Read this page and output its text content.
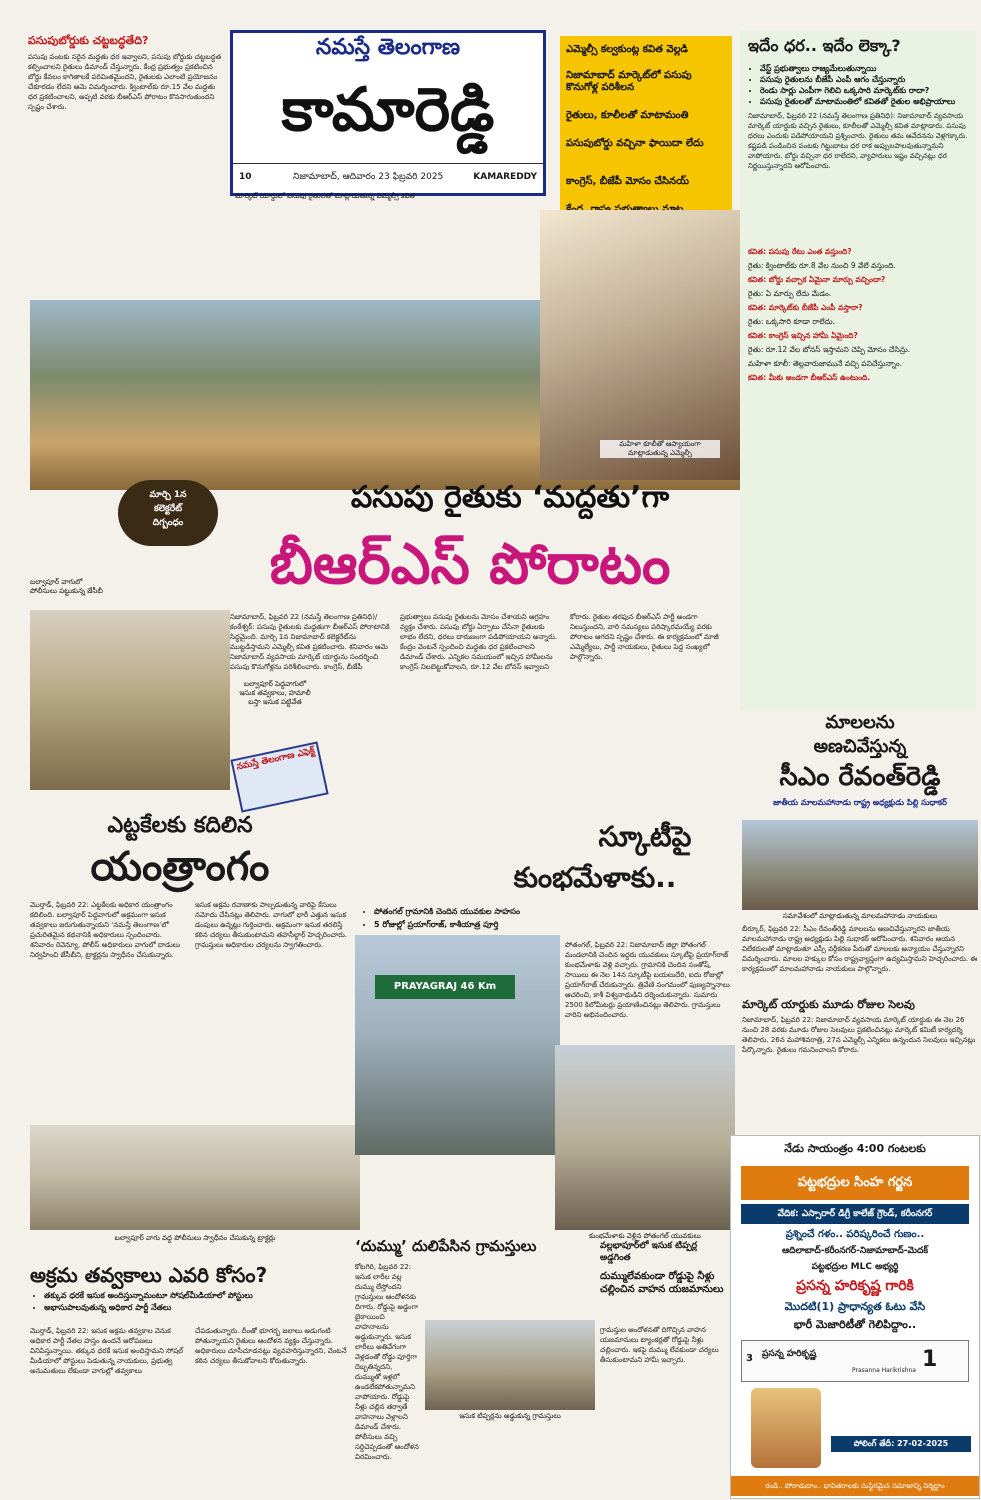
పసుపుబోర్డుకు చట్టబద్ధతేది?
పసుపు పంటకు సరైన మద్దతు ధర ఇవ్వాలని, పసుపు బోర్డుకు చట్టబద్ధత కల్పించాలని రైతులు డిమాండ్ చేస్తున్నారు. కేంద్ర ప్రభుత్వం ప్రకటించిన బోర్డు కేవలం కాగితాలకే పరిమితమైందని, రైతులకు ఎలాంటి ప్రయోజనం చేకూరడం లేదని ఆమె విమర్శించారు. క్వింటాల్‌కు రూ.15 వేల మద్దతు ధర ప్రకటించాలని, అప్పటి వరకు బీఆర్‌ఎస్ పోరాటం కొనసాగుతుందని స్పష్టం చేశారు.
నమస్తే తెలంగాణ
కామారెడ్డి
10	నిజామాబాద్, ఆదివారం 23 ఫిబ్రవరి 2025	KAMAREDDY
ఎమ్మెల్సీ కల్వకుంట్ల కవిత వెల్లడి
నిజామాబాద్ మార్కెట్‌లో పసుపు కొనుగోళ్ల పరిశీలన
రైతులు, కూలీలతో మాటామంతి
పసుపుబోర్డు వచ్చినా ఫాయిదా లేదు
కాంగ్రెస్, బీజేపీ మోసం చేసినయ్
ఇదేం ధర.. ఇదేం లెక్కా?
• వేస్ట్ ప్రభుత్వాలు రాజ్యమేలుతున్నాయి
• పసుపు రైతులను బీజేపీ ఎంపీ ఆగం చేస్తున్నారు
• రెండు సార్లు ఎంపీగా గెలిచి ఒక్కసారి మార్కెట్‌కు రాదా?
• పసుపు రైతులతో మాటామంతిలో కవితతో రైతుల అభిప్రాయాలు
నిజామాబాద్, ఫిబ్రవరి 22 (నమస్తే తెలంగాణ ప్రతినిధి): నిజామాబాద్ వ్యవసాయ మార్కెట్ యార్డుకు వచ్చిన రైతులు, కూలీలతో ఎమ్మెల్సీ కవిత మాట్లాడారు. పసుపు ధరలు ఎందుకు పడిపోయాయని ప్రశ్నించారు. రైతులు తమ ఆవేదనను వెళ్లగక్కారు. కష్టపడి పండించిన పంటకు గిట్టుబాటు ధర రాక అప్పులపాలవుతున్నామని వాపోయారు. బోర్డు వచ్చినా ధర రాలేదని, వ్యాపారులు ఇష్టం వచ్చినట్లు ధర నిర్ణయిస్తున్నారని ఆరోపించారు.
కవిత: పసుపు రేటు ఎంత వస్తుంది?
రైతు: క్వింటాల్‌కు రూ.8 వేల నుంచి 9 వేలే వస్తుంది.
కవిత: బోర్డు వచ్చాక ఏమైనా మార్పు వచ్చిందా?
రైతు: ఏ మార్పు లేదు మేడం.
కవిత: మార్కెట్‌కు బీజేపీ ఎంపీ వస్తారా?
రైతు: ఒక్కసారి కూడా రాలేదు.
కవిత: కాంగ్రెస్ ఇచ్చిన హామీ ఏమైంది?
రైతు: రూ.12 వేల బోనస్ ఇస్తామని చెప్పి మోసం చేసిన్రు.
మహిళా కూలీ: తెల్లవారుజామునే వచ్చి పనిచేస్తున్నాం.
కవిత: మీకు అండగా బీఆర్‌ఎస్ ఉంటుంది.
మార్కెట్ యార్డులో పసుపు రైతులతో మాట్లాడుతున్న ఎమ్మెల్సీ కవిత
మహిళా కూలీతో ఆప్యాయంగా మాట్లాడుతున్న ఎమ్మెల్సీ
మార్చి 1న
కలెక్టరేట్
దిగ్బంధం
పసుపు రైతుకు ‘మద్దతు’గా
బీఆర్‌ఎస్ పోరాటం
నిజామాబాద్, ఫిబ్రవరి 22 (నమస్తే తెలంగాణ ప్రతినిధి)/కంఠేశ్వర్: పసుపు రైతులకు మద్దతుగా బీఆర్‌ఎస్ పోరాటానికి సిద్ధమైంది. మార్చి 1న నిజామాబాద్ కలెక్టరేట్‌ను ముట్టడిస్తామని ఎమ్మెల్సీ కవిత ప్రకటించారు. శనివారం ఆమె నిజామాబాద్ వ్యవసాయ మార్కెట్ యార్డును సందర్శించి పసుపు కొనుగోళ్లను పరిశీలించారు. కాంగ్రెస్, బీజేపీ ప్రభుత్వాలు పసుపు రైతులను మోసం చేశాయని ఆగ్రహం వ్యక్తం చేశారు. పసుపు బోర్డు ఏర్పాటు చేసినా రైతులకు లాభం లేదని, ధరలు దారుణంగా పడిపోయాయని అన్నారు. కేంద్రం వెంటనే స్పందించి మద్దతు ధర ప్రకటించాలని డిమాండ్ చేశారు. ఎన్నికల సమయంలో ఇచ్చిన హామీలను కాంగ్రెస్ నిలబెట్టుకోవాలని, రూ.12 వేల బోనస్ ఇవ్వాలని కోరారు. రైతుల తరఫున బీఆర్‌ఎస్ పార్టీ అండగా నిలుస్తుందని, వారి సమస్యలు పరిష్కారమయ్యే వరకు పోరాటం ఆగదని స్పష్టం చేశారు. ఈ కార్యక్రమంలో మాజీ ఎమ్మెల్యేలు, పార్టీ నాయకులు, రైతులు పెద్ద సంఖ్యలో పాల్గొన్నారు.
బల్వాపూర్ వాగులో పోలీసులు పట్టుకున్న జేసీబీ
బల్వాపూర్ పెద్దవాగులో ఇసుక తవ్వకాలు, హమాలీ బస్తా ఇసుక పట్టివేత
నమస్తే తెలంగాణ ఎఫెక్ట్
ఎట్టకేలకు కదిలిన
యంత్రాంగం
మొర్తాడ్, ఫిబ్రవరి 22: ఎట్టకేలకు అధికార యంత్రాంగం కదిలింది. బల్వాపూర్ పెద్దవాగులో అక్రమంగా ఇసుక తవ్వకాలు జరుగుతున్నాయని ‘నమస్తే తెలంగాణ’లో ప్రచురితమైన కథనానికి అధికారులు స్పందించారు. శనివారం రెవెన్యూ, పోలీస్ అధికారులు వాగులో దాడులు నిర్వహించి జేసీబీని, ట్రాక్టర్లను స్వాధీనం చేసుకున్నారు. ఇసుక అక్రమ రవాణాకు పాల్పడుతున్న వారిపై కేసులు నమోదు చేసినట్లు తెలిపారు. వాగులో భారీ ఎత్తున ఇసుక డంపులు ఉన్నట్లు గుర్తించారు. అక్రమంగా ఇసుక తరలిస్తే కఠిన చర్యలు తీసుకుంటామని తహసీల్దార్ హెచ్చరించారు. గ్రామస్తులు అధికారుల చర్యలను స్వాగతించారు.
బల్వాపూర్ వాగు వద్ద పోలీసులు స్వాధీనం చేసుకున్న ట్రాక్టర్లు
అక్రమ తవ్వకాలు ఎవరి కోసం?
• తక్కువ ధరకే ఇసుక అందిస్తున్నామంటూ సోషల్‌మీడియాలో పోస్టులు
• అభాసుపాలవుతున్న అధికార పార్టీ నేతలు
మొర్తాడ్, ఫిబ్రవరి 22: ఇసుక అక్రమ తవ్వకాల వెనుక అధికార పార్టీ నేతల హస్తం ఉందనే ఆరోపణలు వినిపిస్తున్నాయి. తక్కువ ధరకే ఇసుక అందిస్తామని సోషల్ మీడియాలో పోస్టులు పెడుతున్న నాయకులు, ప్రభుత్వ అనుమతులు లేకుండా వాగుల్లో తవ్వకాలు చేపడుతున్నారు. దీంతో భూగర్భ జలాలు అడుగంటి పోతున్నాయని రైతులు ఆందోళన వ్యక్తం చేస్తున్నారు. అధికారులు చూసీచూడనట్లు వ్యవహరిస్తున్నారని, వెంటనే కఠిన చర్యలు తీసుకోవాలని కోరుతున్నారు.
స్కూటీపై
కుంభమేళాకు..
• పోతంగల్ గ్రామానికి చెందిన యువకుల సాహసం
• 5 రోజుల్లో ప్రయాగ్‌రాజ్, కాశీయాత్ర పూర్తి
PRAYAGRAJ 46 Km
పోతంగల్, ఫిబ్రవరి 22: నిజామాబాద్ జిల్లా పోతంగల్ మండలానికి చెందిన ఇద్దరు యువకులు స్కూటీపై ప్రయాగ్‌రాజ్ కుంభమేళాకు వెళ్లి వచ్చారు. గ్రామానికి చెందిన సంతోష్, సాయిలు ఈ నెల 14న స్కూటీపై బయలుదేరి, ఐదు రోజుల్లో ప్రయాగ్‌రాజ్ చేరుకున్నారు. త్రివేణి సంగమంలో పుణ్యస్నానాలు ఆచరించి, కాశీ విశ్వనాథుడిని దర్శించుకున్నారు. సుమారు 2500 కిలోమీటర్లు ప్రయాణించినట్లు తెలిపారు. గ్రామస్తులు వారిని అభినందించారు.
కుంభమేళాకు వెళ్లిన పోతంగల్ యువకులు
మాలలను
అణచివేస్తున్న
సీఎం రేవంత్‌రెడ్డి
జాతీయ మాలమహానాడు రాష్ట్ర అధ్యక్షుడు పిల్లి సుధాకర్
సమావేశంలో మాట్లాడుతున్న మాలమహానాడు నాయకులు
బీర్కూర్, ఫిబ్రవరి 22: సీఎం రేవంత్‌రెడ్డి మాలలను అణచివేస్తున్నారని జాతీయ మాలమహానాడు రాష్ట్ర అధ్యక్షుడు పిల్లి సుధాకర్ ఆరోపించారు. శనివారం ఆయన విలేకరులతో మాట్లాడుతూ ఎస్సీ వర్గీకరణ పేరుతో మాలలకు అన్యాయం చేస్తున్నారని విమర్శించారు. మాలల హక్కుల కోసం రాష్ట్రవ్యాప్తంగా ఉద్యమిస్తామని హెచ్చరించారు. ఈ కార్యక్రమంలో మాలమహానాడు నాయకులు పాల్గొన్నారు.
మార్కెట్ యార్డుకు మూడు రోజుల సెలవు
నిజామాబాద్, ఫిబ్రవరి 22: నిజామాబాద్ వ్యవసాయ మార్కెట్ యార్డుకు ఈ నెల 26 నుంచి 28 వరకు మూడు రోజుల సెలవులు ప్రకటించినట్లు మార్కెట్ కమిటీ కార్యదర్శి తెలిపారు. 26న మహాశివరాత్రి, 27న ఎమ్మెల్సీ ఎన్నికలు ఉన్నందున సెలవులు ఇచ్చినట్లు పేర్కొన్నారు. రైతులు గమనించాలని కోరారు.
‘దుమ్ము’ దులిపేసిన గ్రామస్తులు
కోటగిరి, ఫిబ్రవరి 22: ఇసుక లారీల వల్ల దుమ్ము లేస్తోందని గ్రామస్తులు ఆందోళనకు దిగారు. రోడ్డుపై అడ్డంగా బైఠాయించి వాహనాలను అడ్డుకున్నారు. ఇసుక లారీలు అతివేగంగా వెళ్లడంతో రోడ్డు పూర్తిగా దెబ్బతిన్నదని, దుమ్ముతో ఇళ్లలో ఉండలేకపోతున్నామని వాపోయారు. రోడ్డుపై నీళ్లు చల్లిన తర్వాతే వాహనాలు వెళ్లాలని డిమాండ్ చేశారు. పోలీసులు వచ్చి సర్దిచెప్పడంతో ఆందోళన విరమించారు.
ఇసుక టిప్పర్లను అడ్డుకున్న గ్రామస్తులు
వల్లభాపూర్‌లో ఇసుక టిప్పర్ల అడ్డగింత
దుమ్ములేవకుండా రోడ్డుపై నీళ్లు చల్లించిన వాహన యజమానులు
గ్రామస్తుల ఆందోళనతో దిగొచ్చిన వాహన యజమానులు ట్యాంకర్లతో రోడ్డుపై నీళ్లు చల్లించారు. ఇకపై దుమ్ము లేవకుండా చర్యలు తీసుకుంటామని హామీ ఇచ్చారు.
నేడు సాయంత్రం 4:00 గంటలకు
పట్టభద్రుల సింహ గర్జన
వేదిక: ఎస్సారార్ డిగ్రీ కాలేజ్ గ్రౌండ్, కరీంనగర్
ప్రశ్నించే గళం.. పరిష్కరించే గుణం..
ఆదిలాబాద్-కరీంనగర్-నిజామాబాద్-మెదక్
పట్టభద్రుల MLC అభ్యర్థి
ప్రసన్న హరికృష్ణ గారికి
మొదటి(1) ప్రాధాన్యత ఓటు వేసి
భారీ మెజారిటీతో గెలిపిద్దాం..
3 ప్రసన్న హరికృష్ణ
Prasanna Harikrishna 1
పోలింగ్ తేదీ: 27-02-2025
రండి.. పోరాడుదాం.. భావితరాలకు సుస్థిరమైన సమాజాన్ని నిర్మిద్దాం
